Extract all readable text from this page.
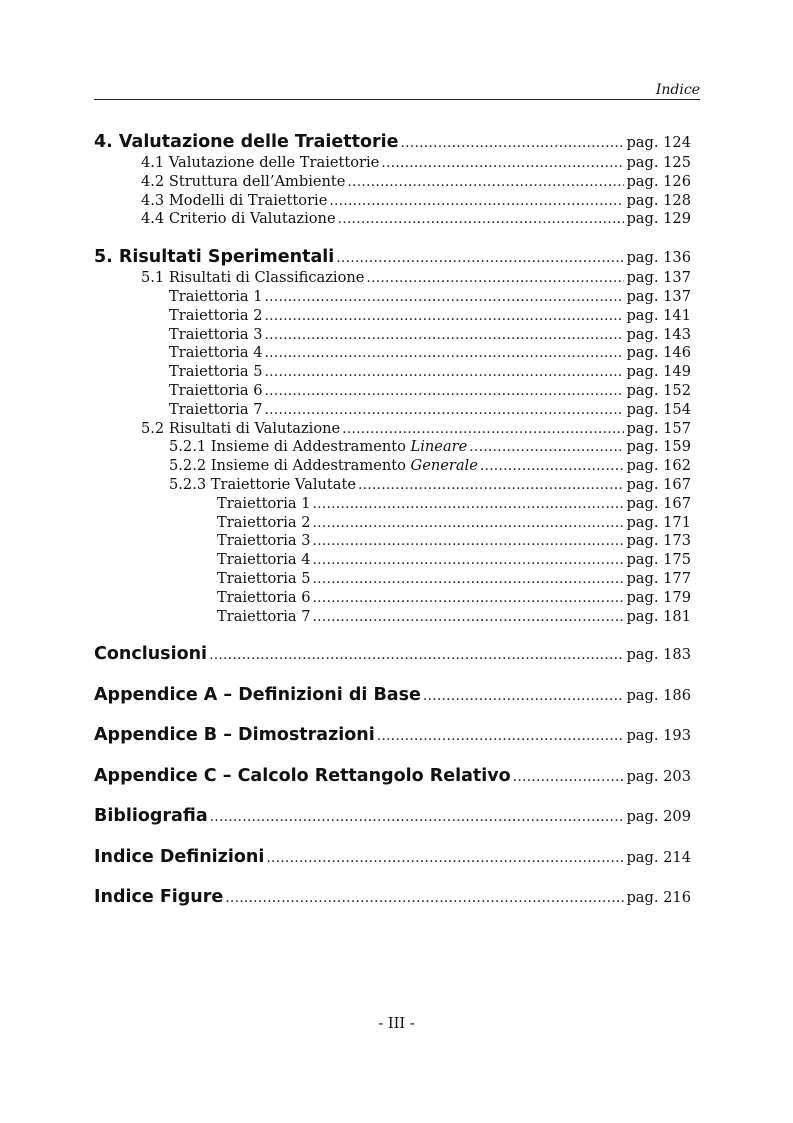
Indice
4. Valutazione delle Traiettorie .....	pag. 124
4.1 Valutazione delle Traiettorie .....	pag. 125
4.2 Struttura dell’Ambiente .....	pag. 126
4.3 Modelli di Traiettorie .....	pag. 128
4.4 Criterio di Valutazione .....	pag. 129
5. Risultati Sperimentali .....	pag. 136
5.1 Risultati di Classificazione .....	pag. 137
Traiettoria 1 .....	pag. 137
Traiettoria 2 .....	pag. 141
Traiettoria 3 .....	pag. 143
Traiettoria 4 .....	pag. 146
Traiettoria 5 .....	pag. 149
Traiettoria 6 .....	pag. 152
Traiettoria 7 .....	pag. 154
5.2 Risultati di Valutazione .....	pag. 157
5.2.1 Insieme di Addestramento Lineare .....	pag. 159
5.2.2 Insieme di Addestramento Generale .....	pag. 162
5.2.3 Traiettorie Valutate .....	pag. 167
Traiettoria 1 .....	pag. 167
Traiettoria 2 .....	pag. 171
Traiettoria 3 .....	pag. 173
Traiettoria 4 .....	pag. 175
Traiettoria 5 .....	pag. 177
Traiettoria 6 .....	pag. 179
Traiettoria 7 .....	pag. 181
Conclusioni .....	pag. 183
Appendice A – Definizioni di Base .....	pag. 186
Appendice B – Dimostrazioni .....	pag. 193
Appendice C – Calcolo Rettangolo Relativo .....	pag. 203
Bibliografia .....	pag. 209
Indice Definizioni .....	pag. 214
Indice Figure .....	pag. 216
- III -
